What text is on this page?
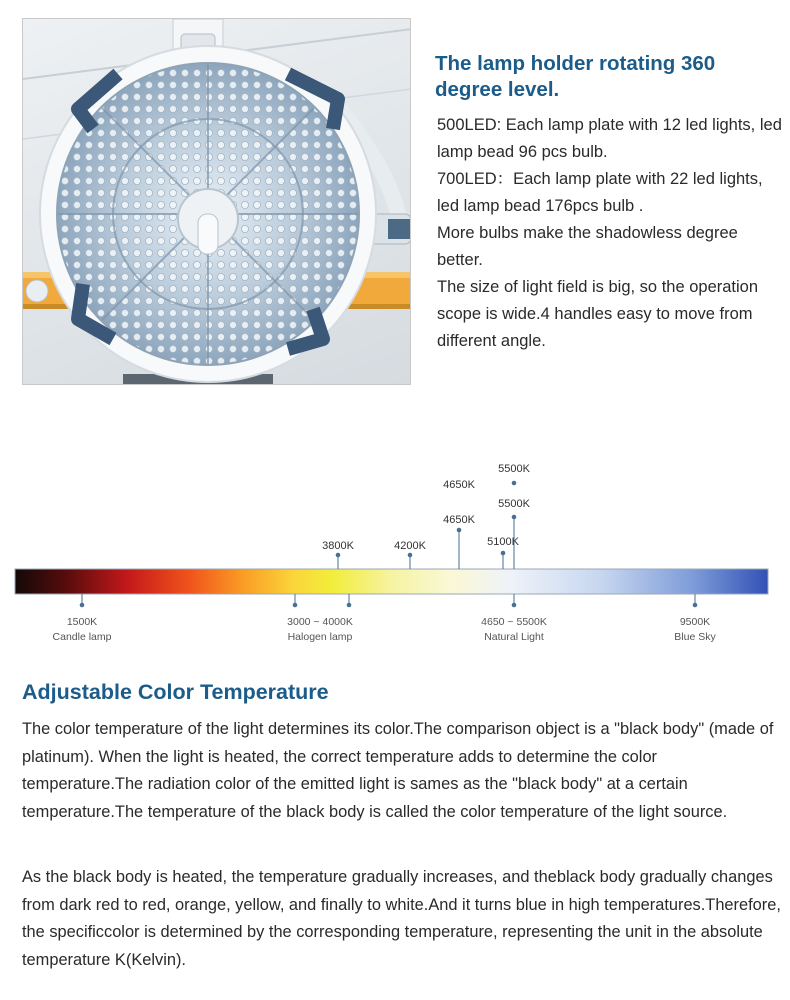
The lamp holder rotating 360 degree level.

500LED: Each lamp plate with 12 led lights, led lamp bead 96 pcs bulb.

700LED：Each lamp plate with 22 led lights, led lamp bead 176pcs bulb .

More bulbs make the shadowless degree better.

The size of light field is big, so the operation scope is wide.4 handles easy to move from different angle.

3800K	4200K
4650K
4650K
5100K
5500K
5500K
1500K
Candle lamp
3000 ~ 4000K
Halogen lamp
4650 ~ 5500K
Natural Light
9500K
Blue Sky
Adjustable Color Temperature

The color temperature of the light determines its color.The comparison object is a "black body" (made of platinum). When the light is heated, the correct temperature adds to determine the color temperature.The radiation color of the emitted light is sames as the "black body" at a certain temperature.The temperature of the black body is called the color temperature of the light source.

As the black body is heated, the temperature gradually increases, and theblack body gradually changes from dark red to red, orange, yellow, and finally to white.And it turns blue in high temperatures.Therefore, the specificcolor is determined by the corresponding temperature, representing the unit in the absolute temperature K(Kelvin).
